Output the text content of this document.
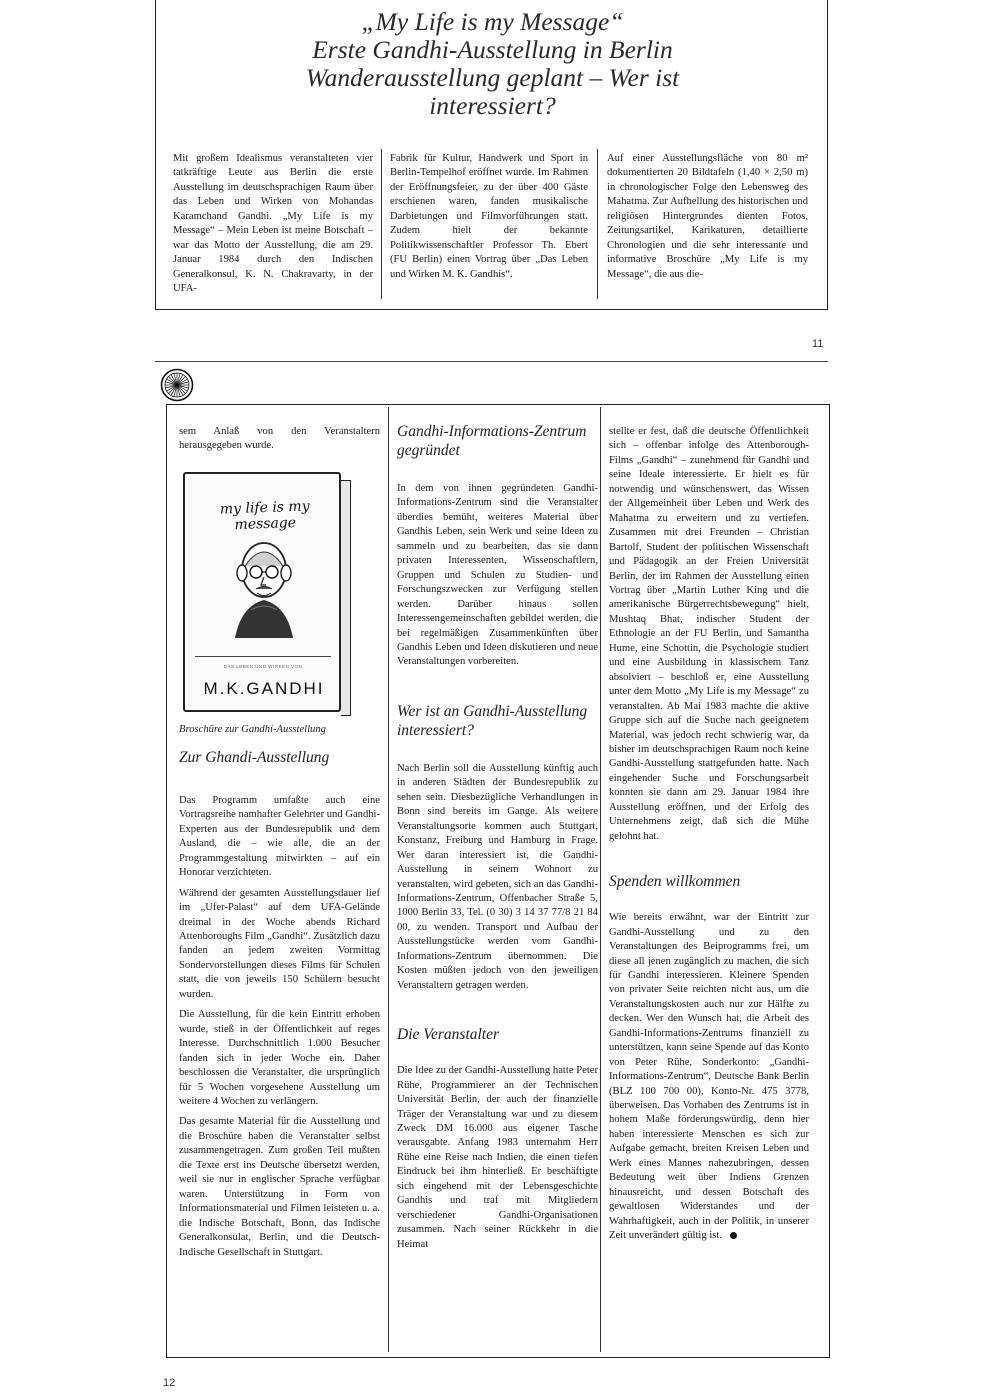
„My Life is my Message“
Erste Gandhi-Ausstellung in Berlin
Wanderausstellung geplant – Wer ist
interessiert?
Mit großem Idealismus veranstalteten vier tatkräftige Leute aus Berlin die erste Ausstellung im deutschsprachigen Raum über das Leben und Wirken von Mohandas Karamchand Gandhi. „My Life is my Message“ – Mein Leben ist meine Botschaft – war das Motto der Ausstellung, die am 29. Januar 1984 durch den Indischen Generalkonsul, K. N. Chakravarty, in der UFA-
Fabrik für Kultur, Handwerk und Sport in Berlin-Tempelhof eröffnet wurde. Im Rahmen der Eröffnungsfeier, zu der über 400 Gäste erschienen waren, fanden musikalische Darbietungen und Filmvorführungen statt. Zudem hielt der bekannte Politikwissenschaftler Professor Th. Ebert (FU Berlin) einen Vortrag über „Das Leben und Wirken M. K. Gandhis“.
Auf einer Ausstellungsfläche von 80 m² dokumentierten 20 Bildtafeln (1,40 × 2,50 m) in chronologischer Folge den Lebensweg des Mahatma. Zur Aufhellung des historischen und religiösen Hintergrundes dienten Fotos, Zeitungsartikel, Karikaturen, detaillierte Chronologien und die sehr interessante und informative Broschüre „My Life is my Message“, die aus die-
11

sem Anlaß von den Veranstaltern herausgegeben wurde.

my life is my message
DAS LEBEN UND WIRKEN VON
M.K.GANDHI
Broschüre zur Gandhi-Ausstellung
Zur Ghandi-Ausstellung

Das Programm umfaßte auch eine Vortragsreihe namhafter Gelehrter und Gandhi-Experten aus der Bundesrepublik und dem Ausland, die – wie alle, die an der Programmgestaltung mitwirkten – auf ein Honorar verzichteten.

Während der gesamten Ausstellungsdauer lief im „Ufer-Palast“ auf dem UFA-Gelände dreimal in der Woche abends Richard Attenboroughs Film „Gandhi“. Zusätzlich dazu fanden an jedem zweiten Vormittag Sondervorstellungen dieses Films für Schulen statt, die von jeweils 150 Schülern besucht wurden.

Die Ausstellung, für die kein Eintritt erhoben wurde, stieß in der Öffentlichkeit auf reges Interesse. Durchschnittlich 1.000 Besucher fanden sich in jeder Woche ein. Daher beschlossen die Veranstalter, die ursprünglich für 5 Wochen vorgesehene Ausstellung um weitere 4 Wochen zu verlängern.

Das gesamte Material für die Ausstellung und die Broschüre haben die Veranstalter selbst zusammengetragen. Zum großen Teil mußten die Texte erst ins Deutsche übersetzt werden, weil sie nur in englischer Sprache verfügbar waren. Unterstützung in Form von Informationsmaterial und Filmen leisteten u. a. die Indische Botschaft, Bonn, das Indische Generalkonsulat, Berlin, und die Deutsch-Indische Gesellschaft in Stuttgart.

Gandhi-Informations-Zentrum gegründet

In dem von ihnen gegründeten Gandhi-Informations-Zentrum sind die Veranstalter überdies bemüht, weiteres Material über Gandhis Leben, sein Werk und seine Ideen zu sammeln und zu bearbeiten, das sie dann privaten Interessenten, Wissenschaftlern, Gruppen und Schulen zu Studien- und Forschungszwecken zur Verfügung stellen werden. Darüber hinaus sollen Interessengemeinschaften gebildet werden, die bei regelmäßigen Zusammenkünften über Gandhis Leben und Ideen diskutieren und neue Veranstaltungen vorbereiten.

Wer ist an Gandhi-Ausstellung interessiert?

Nach Berlin soll die Ausstellung künftig auch in anderen Städten der Bundesrepublik zu sehen sein. Diesbezügliche Verhandlungen in Bonn sind bereits im Gange. Als weitere Veranstaltungsorte kommen auch Stuttgart, Konstanz, Freiburg und Hamburg in Frage. Wer daran interessiert ist, die Gandhi-Ausstellung in seinem Wohnort zu veranstalten, wird gebeten, sich an das Gandhi-Informations-Zentrum, Offenbacher Straße 5, 1000 Berlin 33, Tel. (0 30) 3 14 37 77/8 21 84 00, zu wenden. Transport und Aufbau der Ausstellungstücke werden vom Gandhi-Informations-Zentrum übernommen. Die Kosten müßten jedoch von den jeweiligen Veranstaltern getragen werden.

Die Veranstalter

Die Idee zu der Gandhi-Ausstellung hatte Peter Rühe, Programmierer an der Technischen Universität Berlin, der auch der finanzielle Träger der Veranstaltung war und zu diesem Zweck DM 16.000 aus eigener Tasche verausgabte. Anfang 1983 unternahm Herr Rühe eine Reise nach Indien, die einen tiefen Eindruck bei ihm hinterließ. Er beschäftigte sich eingehend mit der Lebensgeschichte Gandhis und traf mit Mitgliedern verschiedener Gandhi-Organisationen zusammen. Nach seiner Rückkehr in die Heimat

stellte er fest, daß die deutsche Öffentlichkeit sich – offenbar infolge des Attenborough-Films „Gandhi“ – zunehmend für Gandhi und seine Ideale interessierte. Er hielt es für notwendig und wünschenswert, das Wissen der Allgemeinheit über Leben und Werk des Mahatma zu erweitern und zu vertiefen. Zusammen mit drei Freunden – Christian Bartolf, Student der politischen Wissenschaft und Pädagogik an der Freien Universität Berlin, der im Rahmen der Ausstellung einen Vortrag über „Martin Luther King und die amerikanische Bürgerrechtsbewegung“ hielt, Mushtaq Bhat, indischer Student der Ethnologie an der FU Berlin, und Samantha Hume, eine Schottin, die Psychologie studiert und eine Ausbildung in klassischem Tanz absolviert – beschloß er, eine Ausstellung unter dem Motto „My Life is my Message“ zu veranstalten. Ab Mai 1983 machte die aktive Gruppe sich auf die Suche nach geeignetem Material, was jedoch recht schwierig war, da bisher im deutschsprachigen Raum noch keine Gandhi-Ausstellung stattgefunden hatte. Nach eingehender Suche und Forschungsarbeit konnten sie dann am 29. Januar 1984 ihre Ausstellung eröffnen, und der Erfolg des Unternehmens zeigt, daß sich die Mühe gelohnt hat.

Spenden willkommen

Wie bereits erwähnt, war der Eintritt zur Gandhi-Ausstellung und zu den Veranstaltungen des Beiprogramms frei, um diese all jenen zugänglich zu machen, die sich für Gandhi interessieren. Kleinere Spenden von privater Seite reichten nicht aus, um die Veranstaltungskosten auch nur zur Hälfte zu decken. Wer den Wunsch hat, die Arbeit des Gandhi-Informations-Zentrums finanziell zu unterstützen, kann seine Spende auf das Konto von Peter Rühe, Sonderkonto: „Gandhi-Informations-Zentrum“, Deutsche Bank Berlin (BLZ 100 700 00), Konto-Nr. 475 3778, überweisen. Das Vorhaben des Zentrums ist in hohem Maße förderungswürdig, denn hier haben interessierte Menschen es sich zur Aufgabe gemacht, breiten Kreisen Leben und Werk eines Mannes nahezubringen, dessen Bedeutung weit über Indiens Grenzen hinausreicht, und dessen Botschaft des gewaltlosen Widerstandes und der Wahrhaftigkeit, auch in der Politik, in unserer Zeit unverändert gültig ist.

12
